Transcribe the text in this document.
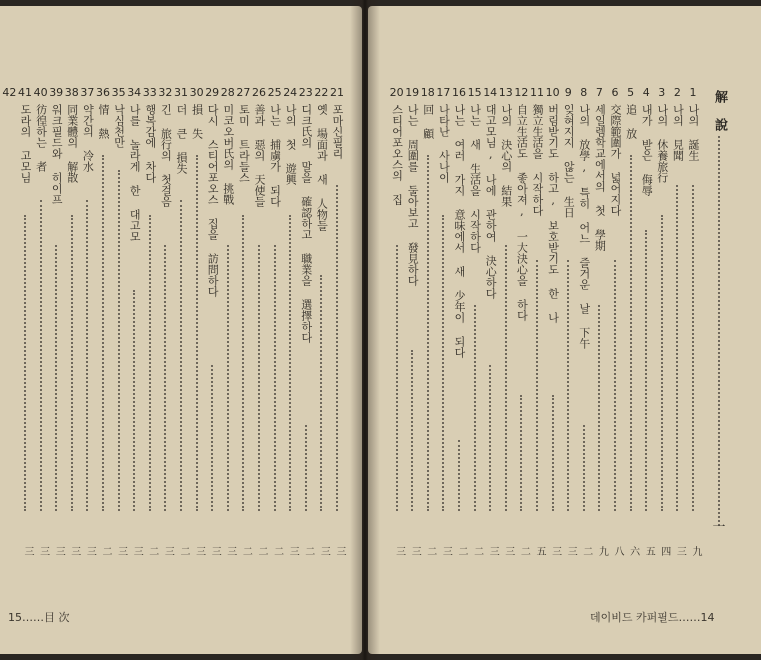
15……目 次
21
포마신필리
三
22
옛 場面과 새 人物들
三
23
디크氏의 말을 確認하고 職業을 選擇하다
二
24
나의 첫 遊興
三
25
나는 捕虜가 되다
二
26
善과 惡의 天使들
二
27
토미 트라들스
二
28
미코오버氏의 挑戰
三
29
다시 스티어포오스 집을 訪問하다
三
30
損 失
三
31
더 큰 損失
二
32
긴 旅行의 첫걸음
三
33
행복감에 차다
二
34
나를 놀라게 한 대고모
三
35
낙심천만
三
36
情 熱
二
37
약간의 冷水
三
38
同業體의 解散
三
39
워크필드와 히이프
三
40
彷徨하는 者
三
41
도라의 고모님
三
42	解 說
一
데이비드 카퍼필드……14
1
나의 誕生
九
2
나의 見聞
三
3
나의 休養旅行
四
4
내가 받은 侮辱
五
5
追 放
六
6
交際範圍가 넓어지다
八
7
세일렘학교에서의 첫 學期
九
8
나의 放學, 특히 어느 즐거운 날 下午
二
9
잊혀지지 않는 生日
三
10
버림받기도 하고, 보호받기도 한 나
三
11
獨立生活을 시작하다
五
12
自立生活도 좋아져, 一大決心을 하다
二
13
나의 決心의 結果
三
14
대고모님, 나에 관하여 決心하다
三
15
나는 새 生活을 시작하다
二
16
나는 여러 가지 意味에서 새 少年이 되다
二
17
나타난 사나이
三
18
回 顧
二
19
나는 周圍를 둘아보고 發見하다
三
20
스티어포오스의 집
三
